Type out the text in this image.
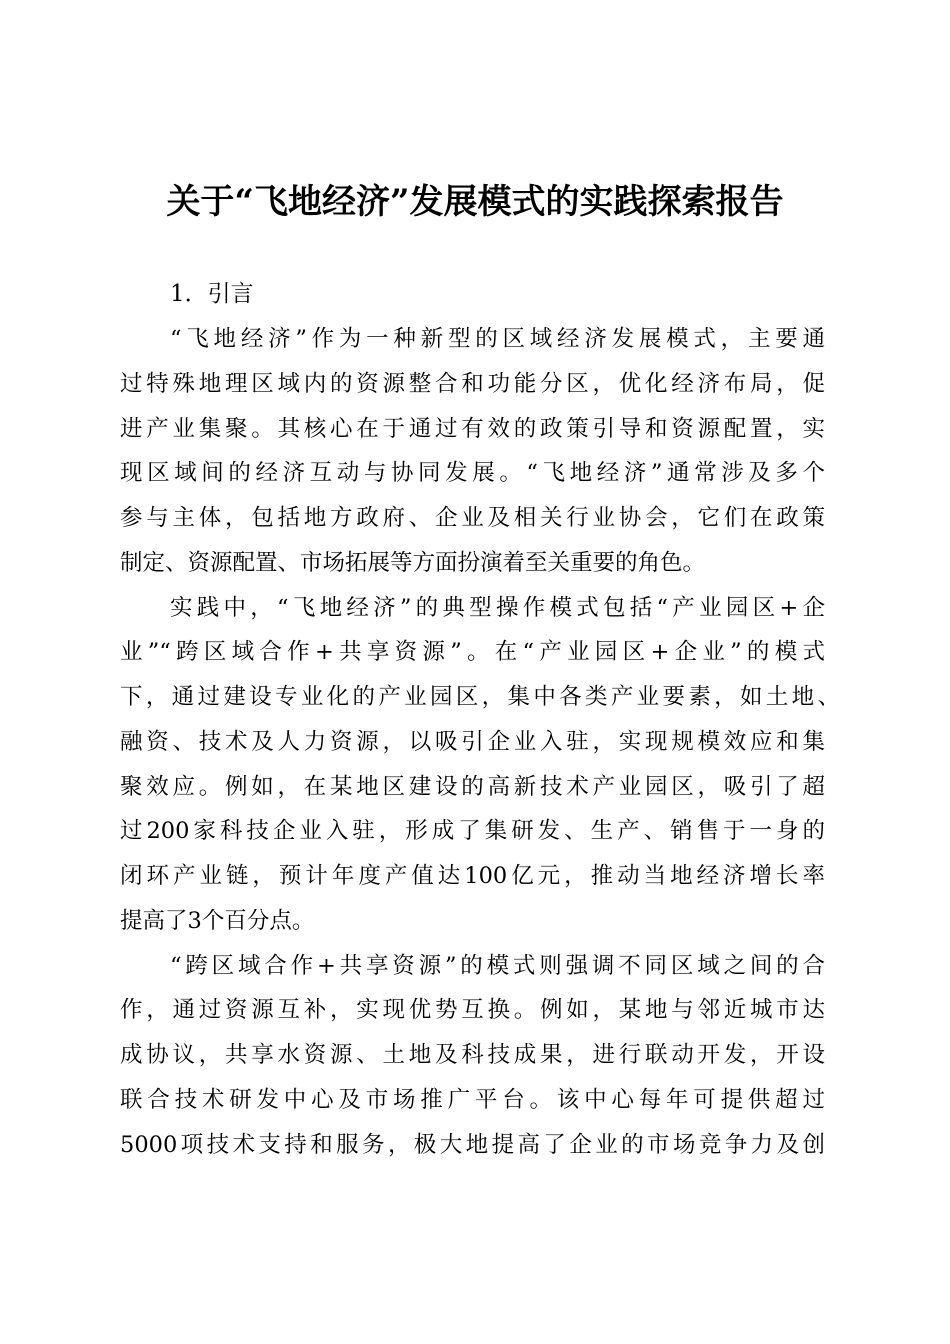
关于“飞地经济”发展模式的实践探索报告
1．引言
“飞地经济”作为一种新型的区域经济发展模式，主要通
过特殊地理区域内的资源整合和功能分区，优化经济布局，促
进产业集聚。其核心在于通过有效的政策引导和资源配置，实
现区域间的经济互动与协同发展。“飞地经济”通常涉及多个
参与主体，包括地方政府、企业及相关行业协会，它们在政策
制定、资源配置、市场拓展等方面扮演着至关重要的角色。
实践中，“飞地经济”的典型操作模式包括“产业园区+企
业”“跨区域合作+共享资源”。在“产业园区+企业”的模式
下，通过建设专业化的产业园区，集中各类产业要素，如土地、
融资、技术及人力资源，以吸引企业入驻，实现规模效应和集
聚效应。例如，在某地区建设的高新技术产业园区，吸引了超
过200家科技企业入驻，形成了集研发、生产、销售于一身的
闭环产业链，预计年度产值达100亿元，推动当地经济增长率
提高了3个百分点。
“跨区域合作+共享资源”的模式则强调不同区域之间的合
作，通过资源互补，实现优势互换。例如，某地与邻近城市达
成协议，共享水资源、土地及科技成果，进行联动开发，开设
联合技术研发中心及市场推广平台。该中心每年可提供超过
5000项技术支持和服务，极大地提高了企业的市场竞争力及创
